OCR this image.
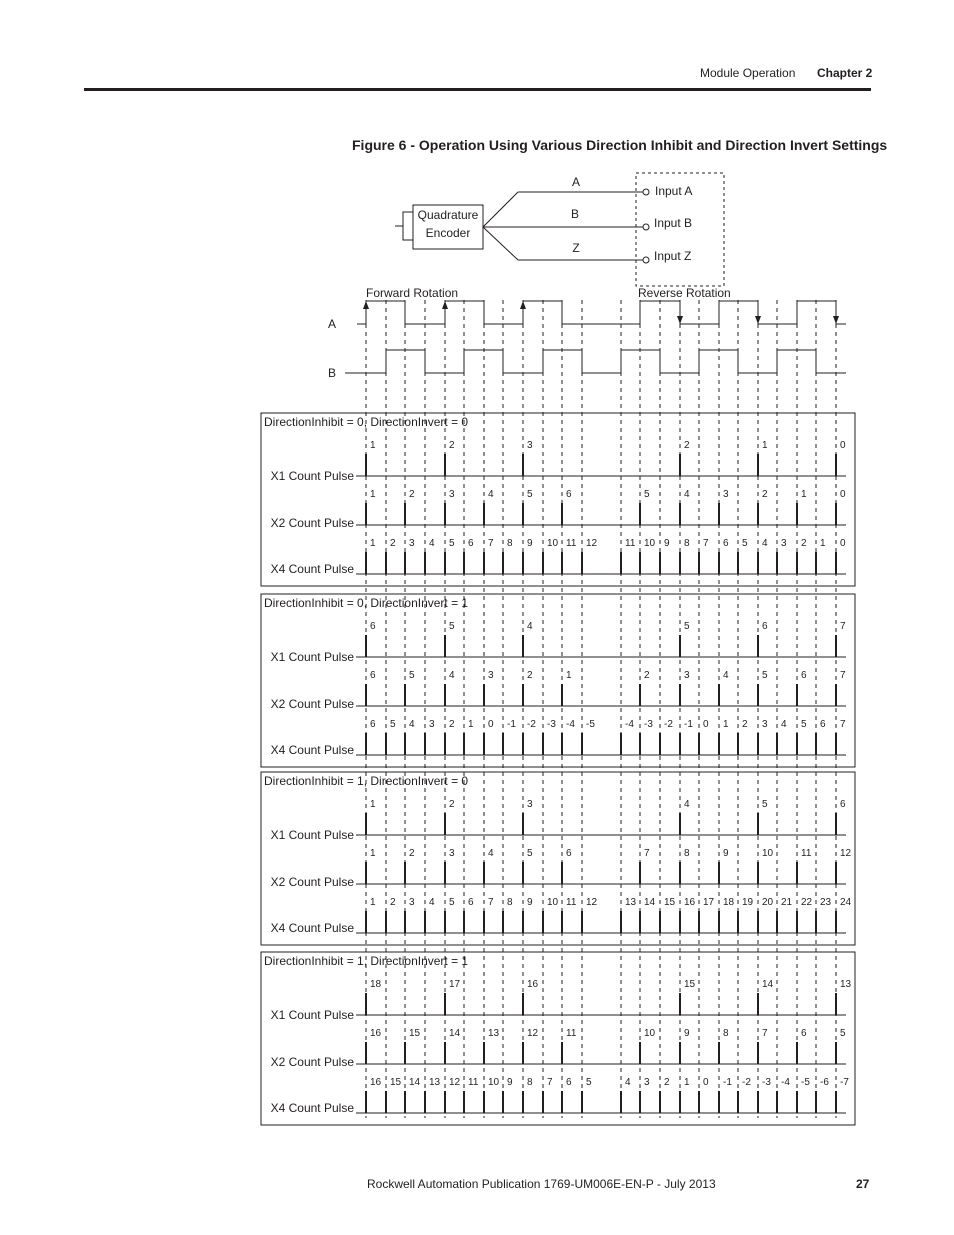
Module Operation Chapter 2
Figure 6 - Operation Using Various Direction Inhibit and Direction Invert Settings
Quadrature
Encoder
A
B
Z
Input A
Input B
Input Z
Forward Rotation	Reverse Rotation
A
B
DirectionInhibit = 0, DirectionInvert = 0
X1 Count Pulse
1	2	3	2	1	0
X2 Count Pulse
1	2	3	4	5	6	5	4	3	2	1	0
X4 Count Pulse
1 2 3 4 5 6 7 8 9 10 11 12	11 10 9 8 7 6 5 4 3 2 1 0
DirectionInhibit = 0, DirectionInvert = 1
X1 Count Pulse
6	5	4	5	6	7
X2 Count Pulse
6	5	4	3	2	1	2	3	4	5	6	7
X4 Count Pulse
6 5 4 3 2 1 0 -1 -2 -3 -4 -5	-4 -3 -2 -1 0 1 2 3 4 5 6 7
DirectionInhibit = 1, DirectionInvert = 0
X1 Count Pulse
1	2	3	4	5	6
X2 Count Pulse
1	2	3	4	5	6	7	8	9	10	11	12
X4 Count Pulse
1 2 3 4 5 6 7 8 9 10 11 12	13 14 15 16 17 18 19 20 21 22 23 24
DirectionInhibit = 1, DirectionInvert = 1
X1 Count Pulse
18	17	16	15	14	13
X2 Count Pulse
16	15	14	13	12	11	10	9	8	7	6	5
X4 Count Pulse
16 15 14 13 12 11 10 9 8 7 6 5	4 3 2 1 0 -1 -2 -3 -4 -5 -6 -7
Rockwell Automation Publication 1769-UM006E-EN-P - July 2013	27
